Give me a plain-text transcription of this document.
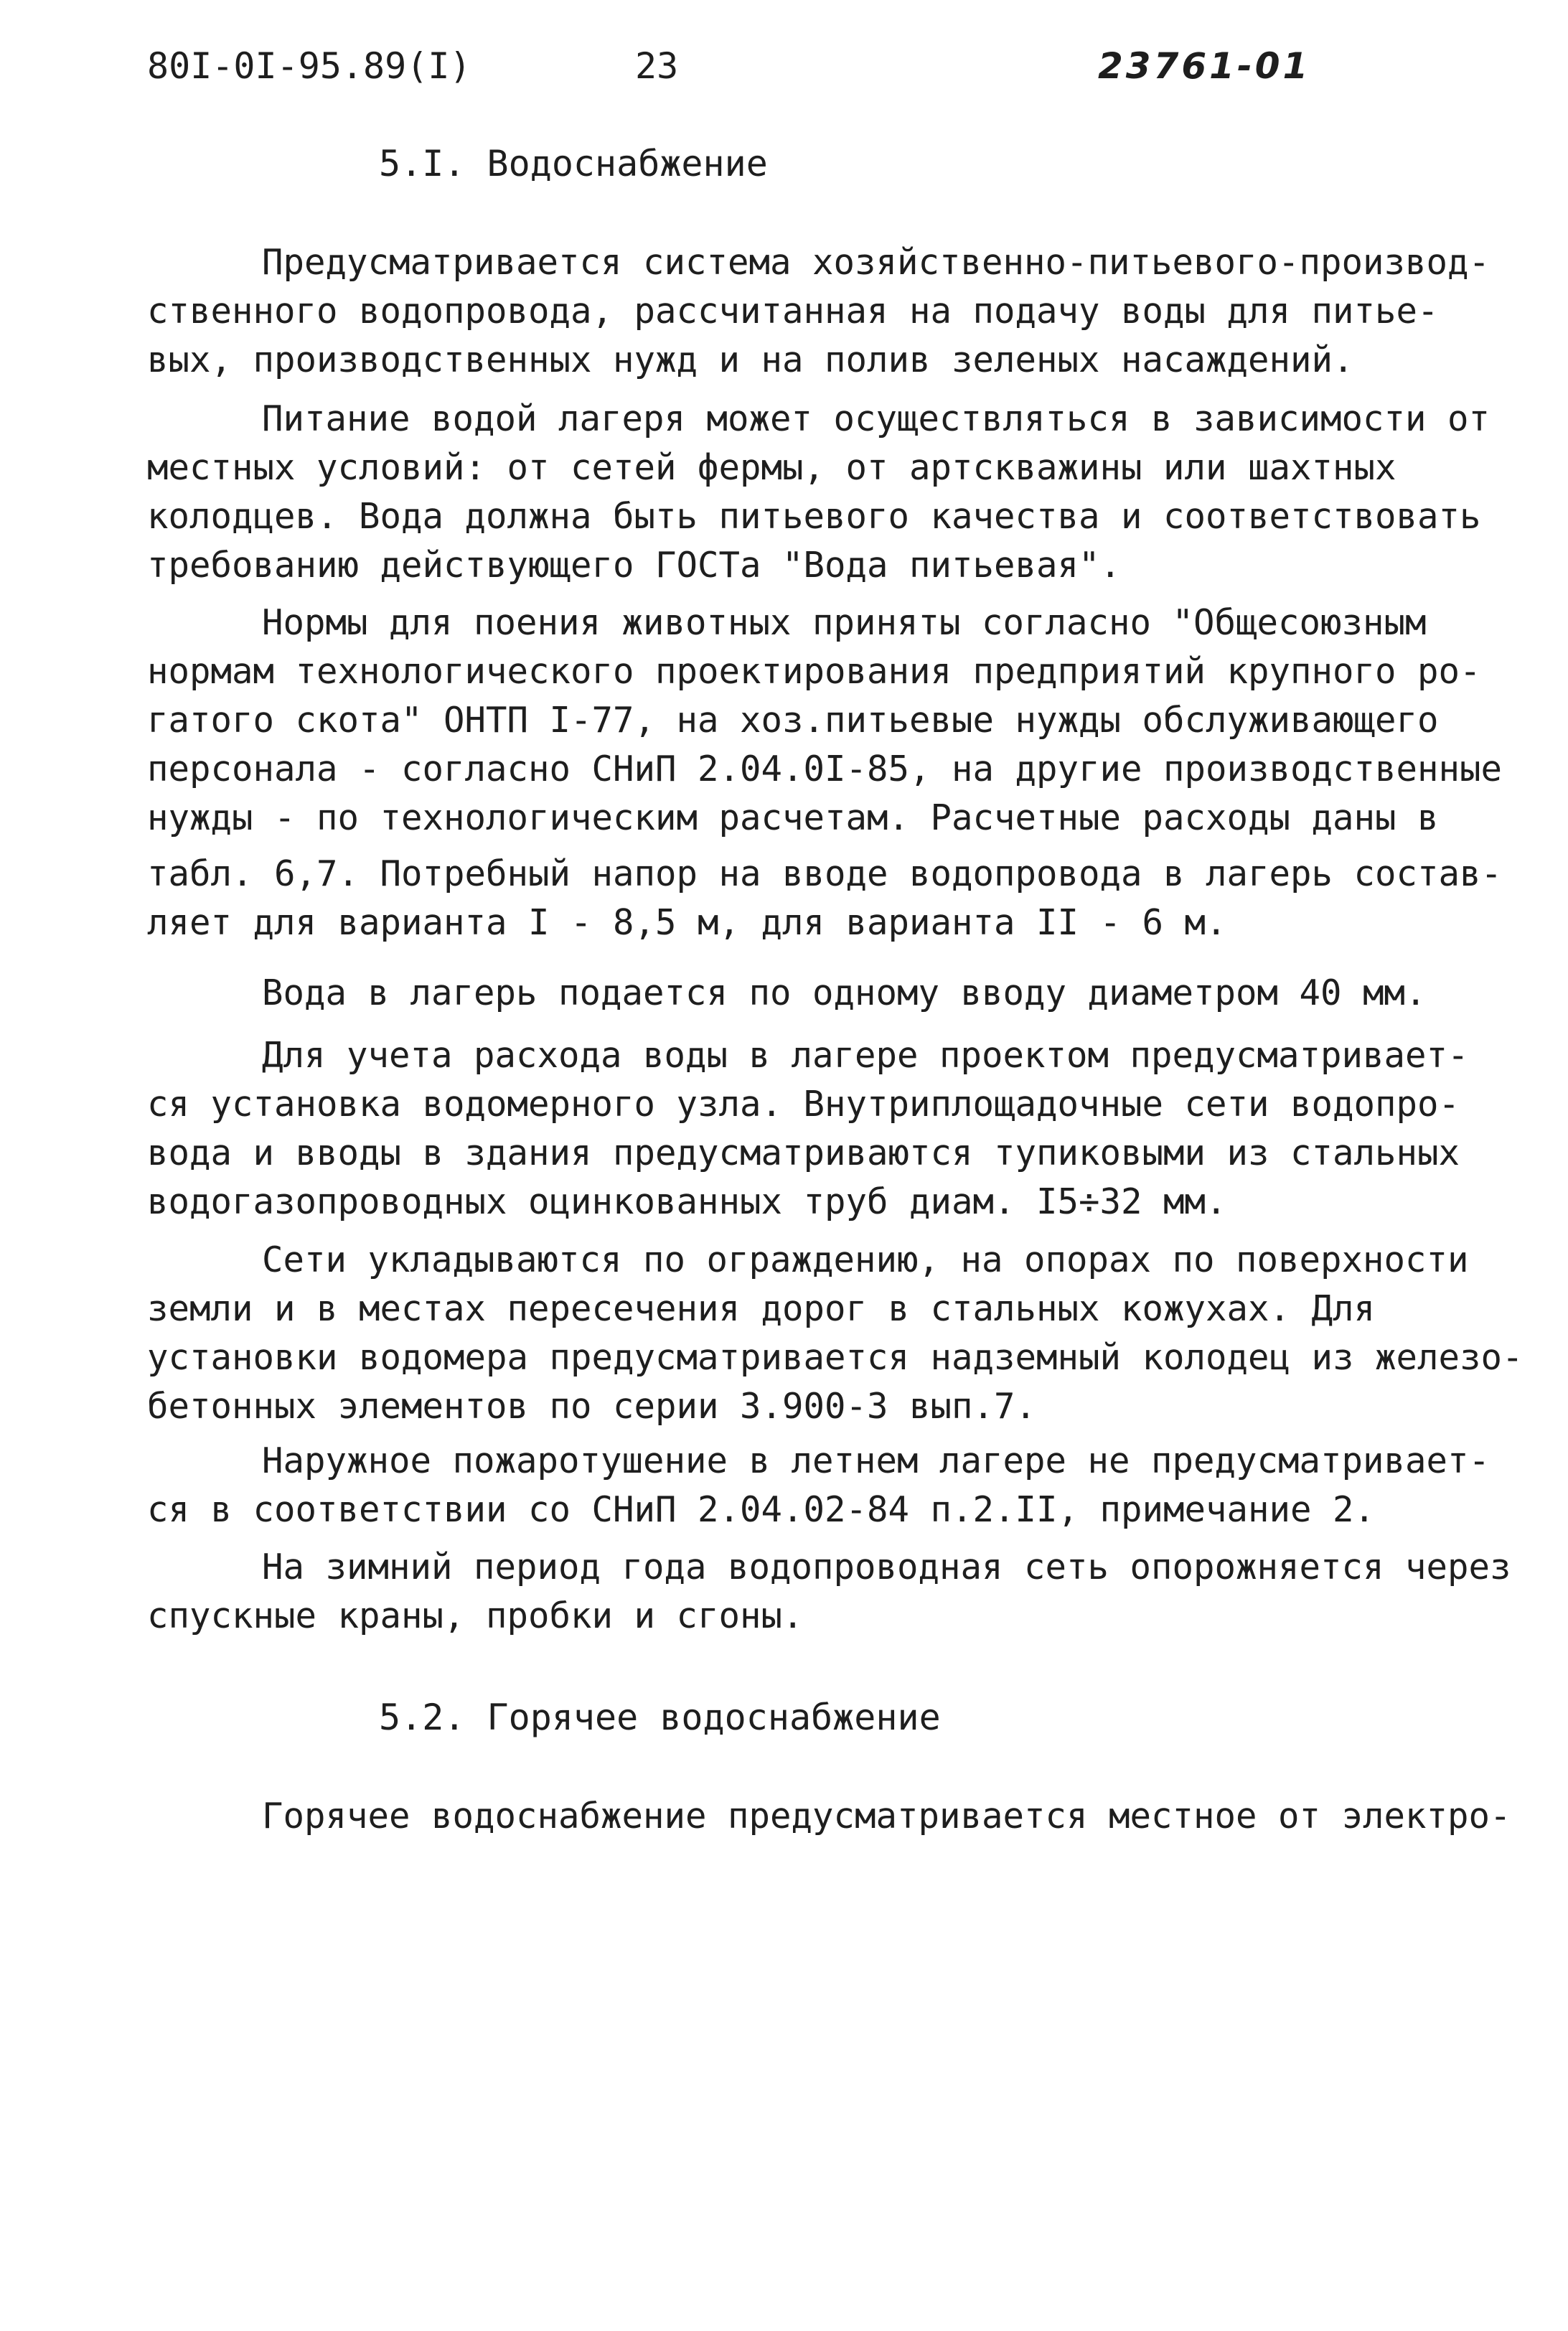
80I-0I-95.89(I)	23	23761-01
5.I. Водоснабжение

Предусматривается система хозяйственно-питьевого-производ-
ственного водопровода, рассчитанная на подачу воды для питье-
вых, производственных нужд и на полив зеленых насаждений.

Питание водой лагеря может осуществляться в зависимости от
местных условий: от сетей фермы, от артскважины или шахтных
колодцев. Вода должна быть питьевого качества и соответствовать
требованию действующего ГОСТа "Вода питьевая".

Нормы для поения животных приняты согласно "Общесоюзным
нормам технологического проектирования предприятий крупного ро-
гатого скота" ОНТП I-77, на хоз.питьевые нужды обслуживающего
персонала - согласно СНиП 2.04.0I-85, на другие производственные
нужды - по технологическим расчетам. Расчетные расходы даны в
табл. 6,7. Потребный напор на вводе водопровода в лагерь состав-
ляет для варианта I - 8,5 м, для варианта II - 6 м.

Вода в лагерь подается по одному вводу диаметром 40 мм.

Для учета расхода воды в лагере проектом предусматривает-
ся установка водомерного узла. Внутриплощадочные сети водопро-
вода и вводы в здания предусматриваются тупиковыми из стальных
водогазопроводных оцинкованных труб диам. I5÷32 мм.

Сети укладываются по ограждению, на опорах по поверхности
земли и в местах пересечения дорог в стальных кожухах. Для
установки водомера предусматривается надземный колодец из железо-
бетонных элементов по серии 3.900-3 вып.7.

Наружное пожаротушение в летнем лагере не предусматривает-
ся в соответствии со СНиП 2.04.02-84 п.2.II, примечание 2.

На зимний период года водопроводная сеть опорожняется через
спускные краны, пробки и сгоны.

5.2. Горячее водоснабжение

Горячее водоснабжение предусматривается местное от электро-
